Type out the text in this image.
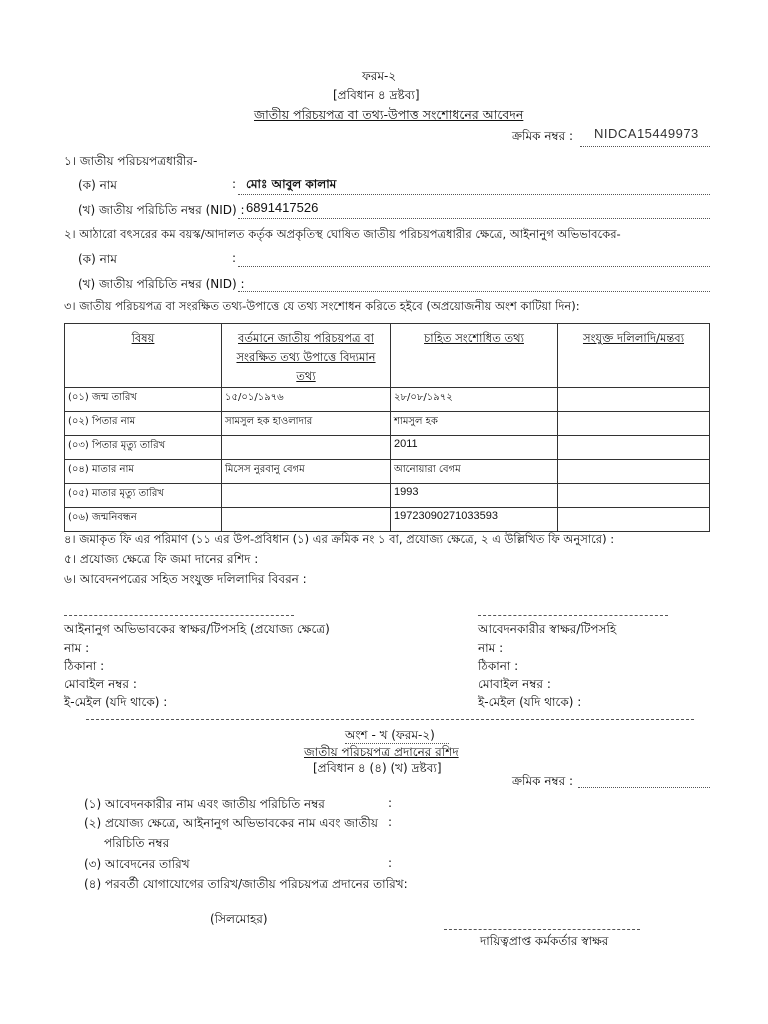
ফরম-২
[প্রবিধান ৪ দ্রষ্টব্য]
জাতীয় পরিচয়পত্র বা তথ্য-উপাত্ত সংশোধনের আবেদন
ক্রমিক নম্বর : NIDCA15449973
১। জাতীয় পরিচয়পত্রধারীর-
(ক) নাম	: মোঃ আবুল কালাম
(খ) জাতীয় পরিচিতি নম্বর (NID) : 6891417526
২। আঠারো বৎসরের কম বয়স্ক/আদালত কর্তৃক অপ্রকৃতিস্থ ঘোষিত জাতীয় পরিচয়পত্রধারীর ক্ষেত্রে, আইনানুগ অভিভাবকের-
(ক) নাম	:
(খ) জাতীয় পরিচিতি নম্বর (NID) :
৩। জাতীয় পরিচয়পত্র বা সংরক্ষিত তথ্য-উপাত্তে যে তথ্য সংশোধন করিতে হইবে (অপ্রয়োজনীয় অংশ কাটিয়া দিন):
বিষয়	বর্তমানে জাতীয় পরিচয়পত্র বা সংরক্ষিত তথ্য উপাত্তে বিদ্যমান তথ্য	চাহিত সংশোধিত তথ্য	সংযুক্ত দলিলাদি/মন্তব্য
(০১) জন্ম তারিখ	১৫/০১/১৯৭৬	২৮/০৮/১৯৭২	
(০২) পিতার নাম	সামসুল হক হাওলাদার	শামসুল হক	
(০৩) পিতার মৃত্যু তারিখ		2011	
(০৪) মাতার নাম	মিসেস নুরবানু বেগম	আনোয়ারা বেগম	
(০৫) মাতার মৃত্যু তারিখ		1993	
(০৬) জন্মনিবন্ধন		19723090271033593	
৪। জমাকৃত ফি এর পরিমাণ (১১ এর উপ-প্রবিধান (১) এর ক্রমিক নং ১ বা, প্রযোজ্য ক্ষেত্রে, ২ এ উল্লিখিত ফি অনুসারে) :
৫। প্রযোজ্য ক্ষেত্রে ফি জমা দানের রশিদ :
৬। আবেদনপত্রের সহিত সংযুক্ত দলিলাদির বিবরন :
আইনানুগ অভিভাবকের স্বাক্ষর/টিপসহি (প্রযোজ্য ক্ষেত্রে)
নাম :
ঠিকানা :
মোবাইল নম্বর :
ই-মেইল (যদি থাকে) :
আবেদনকারীর স্বাক্ষর/টিপসহি
নাম :
ঠিকানা :
মোবাইল নম্বর :
ই-মেইল (যদি থাকে) :
অংশ - খ (ফরম-২)
জাতীয় পরিচয়পত্র প্রদানের রশিদ
[প্রবিধান ৪ (৪) (খ) দ্রষ্টব্য]
ক্রমিক নম্বর :
(১) আবেদনকারীর নাম এবং জাতীয় পরিচিতি নম্বর	:
(২) প্রযোজ্য ক্ষেত্রে, আইনানুগ অভিভাবকের নাম এবং জাতীয় :
পরিচিতি নম্বর
(৩) আবেদনের তারিখ	:
(৪) পরবর্তী যোগাযোগের তারিখ/জাতীয় পরিচয়পত্র প্রদানের তারিখ:
(সিলমোহর)
দায়িত্বপ্রাপ্ত কর্মকর্তার স্বাক্ষর
